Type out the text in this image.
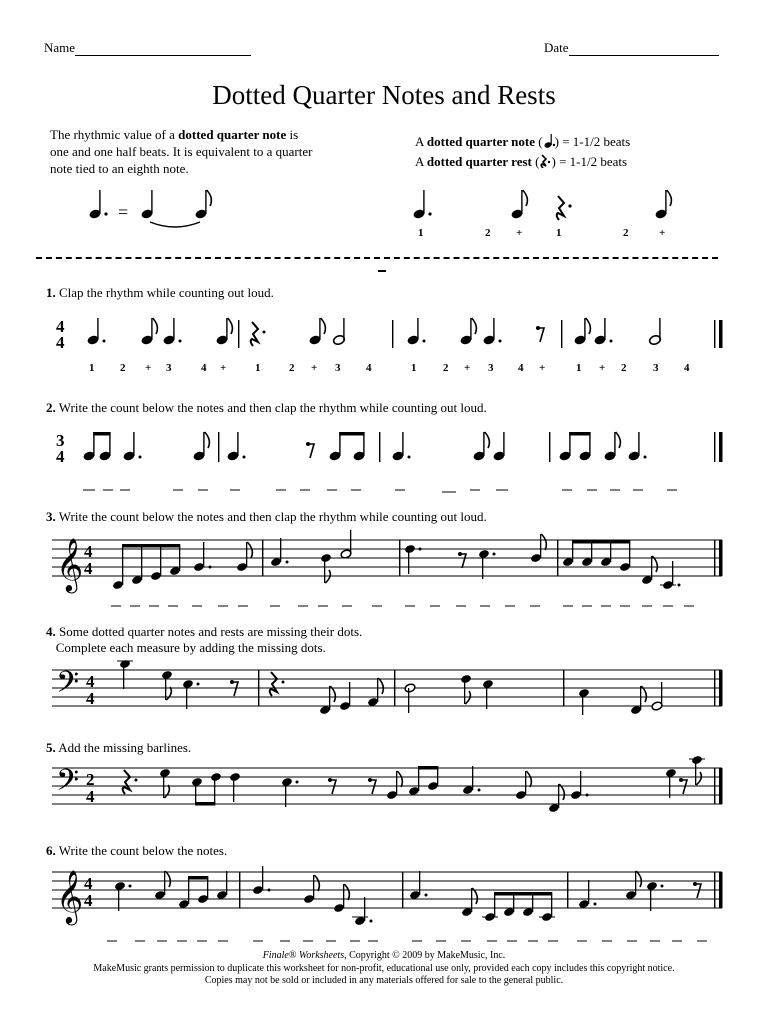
Name	Date
Dotted Quarter Notes and Rests
The rhythmic value of a dotted quarter note is
one and one half beats. It is equivalent to a quarter
note tied to an eighth note.
A dotted quarter note ( ) = 1-1/2 beats
A dotted quarter rest ( ) = 1-1/2 beats
=
1	2 +	1	2	+
1. Clap the rhythm while counting out loud.
4
4
1 2 + 3	4 +	1	2 + 3 4	1 2 + 3 4 +	1 + 2 3 4
2. Write the count below the notes and then clap the rhythm while counting out loud.
3
4
3. Write the count below the notes and then clap the rhythm while counting out loud.
𝄞 4
4
4. Some dotted quarter notes and rests are missing their dots.
Complete each measure by adding the missing dots.
𝄢 4
4
5. Add the missing barlines.
𝄢 2
4
6. Write the count below the notes.
𝄞 4
4
Finale® Worksheets, Copyright © 2009 by MakeMusic, Inc.
MakeMusic grants permission to duplicate this worksheet for non-profit, educational use only, provided each copy includes this copyright notice.
Copies may not be sold or included in any materials offered for sale to the general public.
